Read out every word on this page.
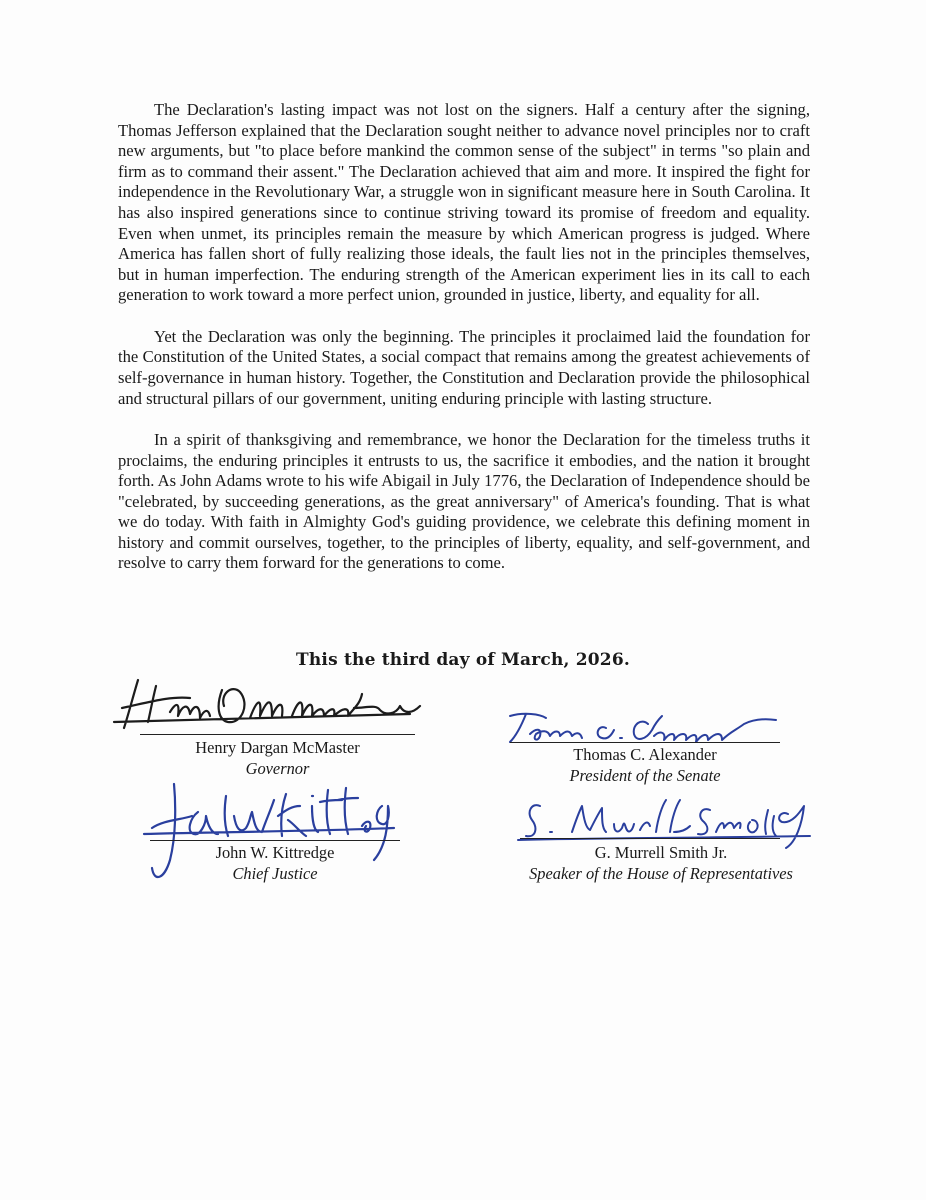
The Declaration's lasting impact was not lost on the signers. Half a century after the signing, Thomas Jefferson explained that the Declaration sought neither to advance novel principles nor to craft new arguments, but "to place before mankind the common sense of the subject" in terms "so plain and firm as to command their assent." The Declaration achieved that aim and more. It inspired the fight for independence in the Revolutionary War, a struggle won in significant measure here in South Carolina. It has also inspired generations since to continue striving toward its promise of freedom and equality. Even when unmet, its principles remain the measure by which American progress is judged. Where America has fallen short of fully realizing those ideals, the fault lies not in the principles themselves, but in human imperfection. The enduring strength of the American experiment lies in its call to each generation to work toward a more perfect union, grounded in justice, liberty, and equality for all.

Yet the Declaration was only the beginning. The principles it proclaimed laid the foundation for the Constitution of the United States, a social compact that remains among the greatest achievements of self-governance in human history. Together, the Constitution and Declaration provide the philosophical and structural pillars of our government, uniting enduring principle with lasting structure.

In a spirit of thanksgiving and remembrance, we honor the Declaration for the timeless truths it proclaims, the enduring principles it entrusts to us, the sacrifice it embodies, and the nation it brought forth. As John Adams wrote to his wife Abigail in July 1776, the Declaration of Independence should be "celebrated, by succeeding generations, as the great anniversary" of America's founding. That is what we do today. With faith in Almighty God's guiding providence, we celebrate this defining moment in history and commit ourselves, together, to the principles of liberty, equality, and self-government, and resolve to carry them forward for the generations to come.

This the third day of March, 2026.
Henry Dargan McMaster
Governor
Thomas C. Alexander
President of the Senate
John W. Kittredge
Chief Justice
G. Murrell Smith Jr.
Speaker of the House of Representatives
